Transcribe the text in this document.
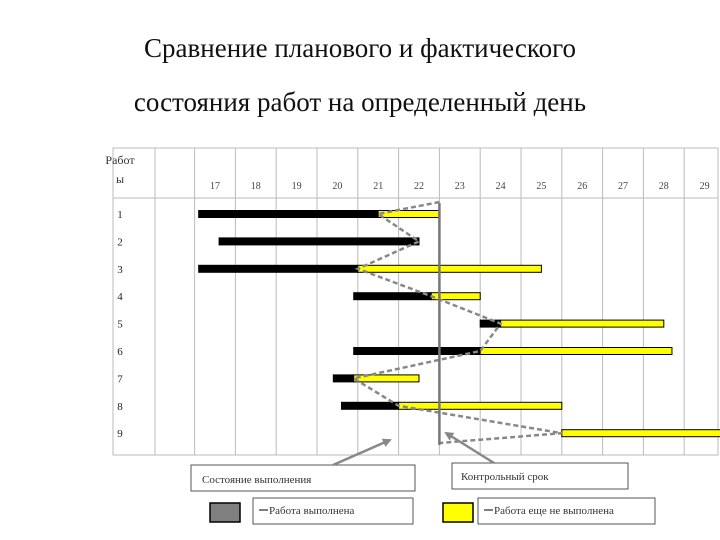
Сравнение планового и фактического
состояния работ на определенный день
Работ
ы
17	18	19	20	21	22	23	24	25	26	27	28	29
1
2
3
4
5
6
7
8
9
Состояние выполнения	Контрольный срок
Работа выполнена	Работа еще не выполнена
